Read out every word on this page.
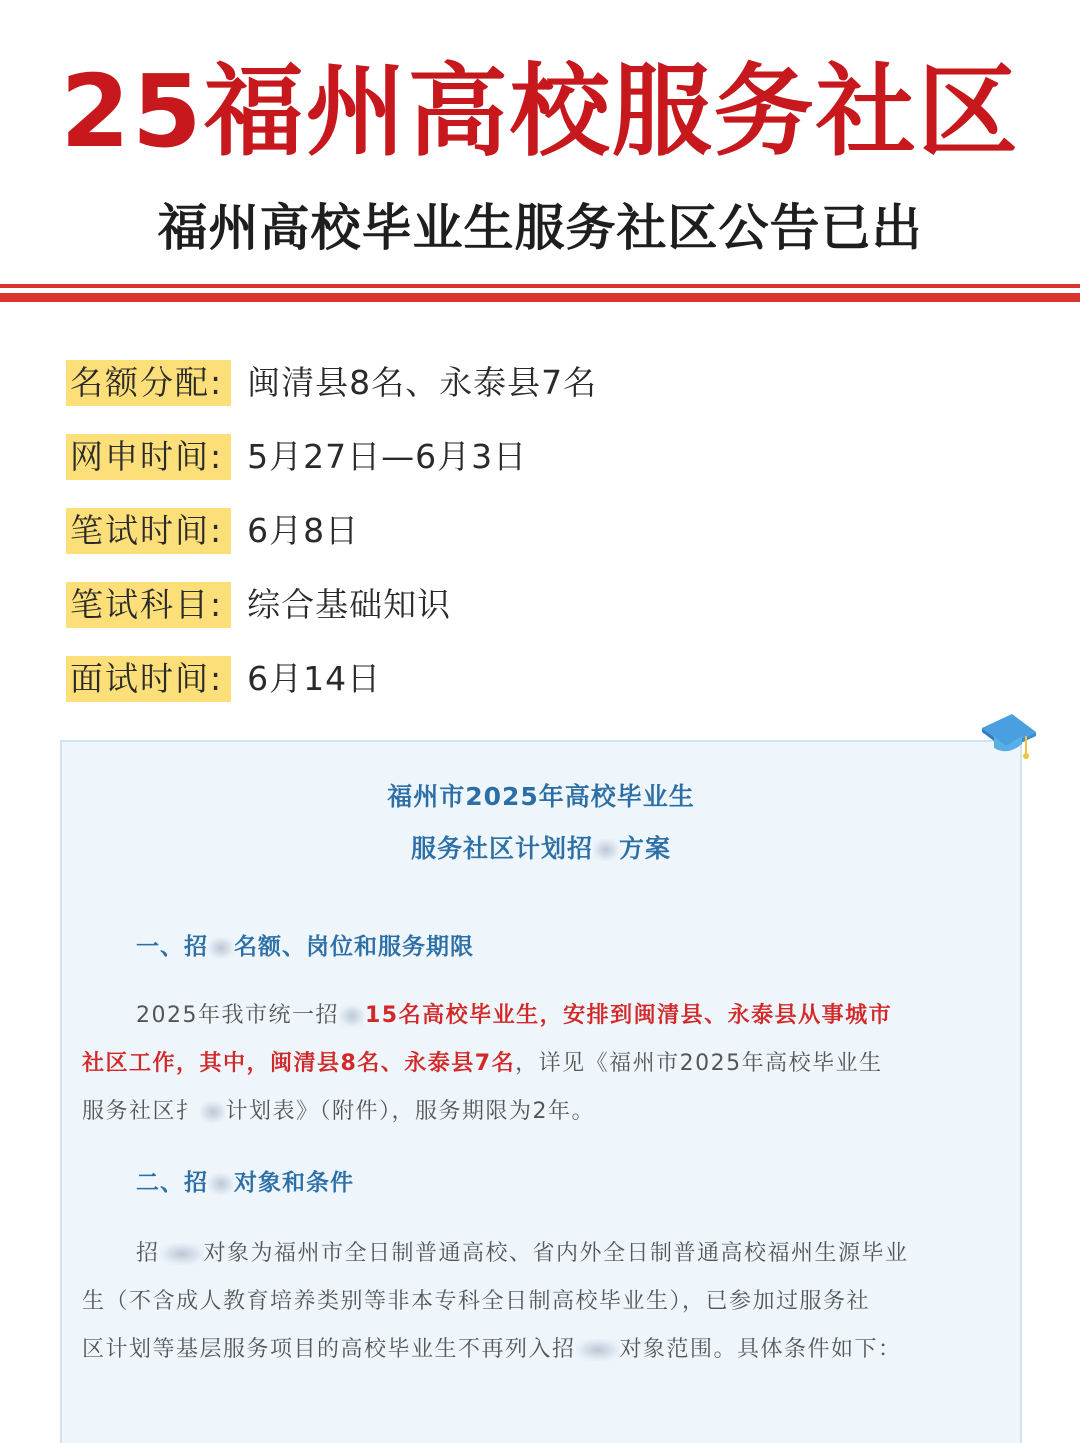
25福州高校服务社区
福州高校毕业生服务社区公告已出
名额分配: 闽清县8名、永泰县7名
网申时间: 5月27日—6月3日
笔试时间: 6月8日
笔试科目: 综合基础知识
面试时间: 6月14日
福州市2025年高校毕业生
服务社区计划招 方案
一、招 名额、岗位和服务期限
2025年我市统一招 15名高校毕业生，安排到闽清县、永泰县从事城市
社区工作，其中，闽清县8名、永泰县7名，详见《福州市2025年高校毕业生
服务社区扌 计划表》（附件），服务期限为2年。
二、招 对象和条件
招 对象为福州市全日制普通高校、省内外全日制普通高校福州生源毕业
生（不含成人教育培养类别等非本专科全日制高校毕业生），已参加过服务社
区计划等基层服务项目的高校毕业生不再列入招 对象范围。具体条件如下：
